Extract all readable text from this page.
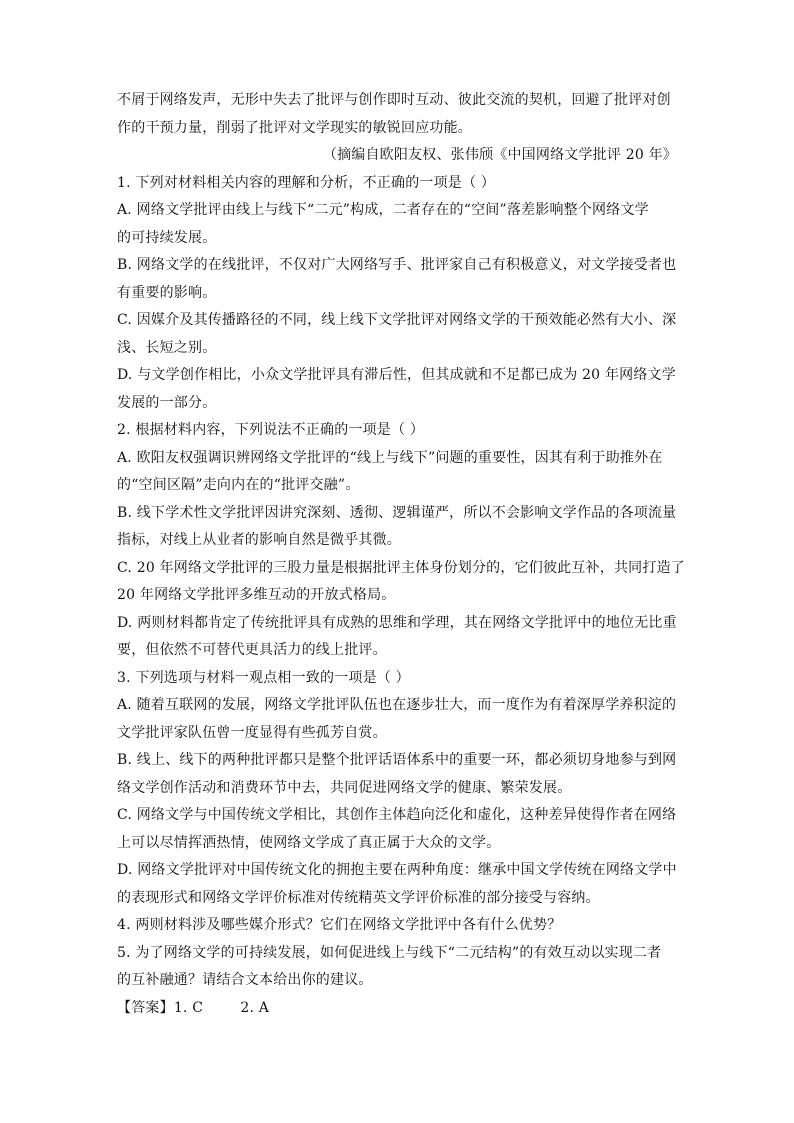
不屑于网络发声，无形中失去了批评与创作即时互动、彼此交流的契机，回避了批评对创
作的干预力量，削弱了批评对文学现实的敏锐回应功能。
（摘编自欧阳友权、张伟颀《中国网络文学批评 20 年》
1. 下列对材料相关内容的理解和分析，不正确的一项是（ ）
A. 网络文学批评由线上与线下“二元”构成，二者存在的“空间”落差影响整个网络文学
的可持续发展。
B. 网络文学的在线批评，不仅对广大网络写手、批评家自己有积极意义，对文学接受者也
有重要的影响。
C. 因媒介及其传播路径的不同，线上线下文学批评对网络文学的干预效能必然有大小、深
浅、长短之别。
D. 与文学创作相比，小众文学批评具有滞后性，但其成就和不足都已成为 20 年网络文学
发展的一部分。
2. 根据材料内容，下列说法不正确的一项是（ ）
A. 欧阳友权强调识辨网络文学批评的“线上与线下”问题的重要性，因其有利于助推外在
的“空间区隔”走向内在的“批评交融”。
B. 线下学术性文学批评因讲究深刻、透彻、逻辑谨严，所以不会影响文学作品的各项流量
指标，对线上从业者的影响自然是微乎其微。
C. 20 年网络文学批评的三股力量是根据批评主体身份划分的，它们彼此互补，共同打造了
20 年网络文学批评多维互动的开放式格局。
D. 两则材料都肯定了传统批评具有成熟的思维和学理，其在网络文学批评中的地位无比重
要，但依然不可替代更具活力的线上批评。
3. 下列选项与材料一观点相一致的一项是（ ）
A. 随着互联网的发展，网络文学批评队伍也在逐步壮大，而一度作为有着深厚学养积淀的
文学批评家队伍曾一度显得有些孤芳自赏。
B. 线上、线下的两种批评都只是整个批评话语体系中的重要一环，都必须切身地参与到网
络文学创作活动和消费环节中去，共同促进网络文学的健康、繁荣发展。
C. 网络文学与中国传统文学相比，其创作主体趋向泛化和虚化，这种差异使得作者在网络
上可以尽情挥洒热情，使网络文学成了真正属于大众的文学。
D. 网络文学批评对中国传统文化的拥抱主要在两种角度：继承中国文学传统在网络文学中
的表现形式和网络文学评价标准对传统精英文学评价标准的部分接受与容纳。
4. 两则材料涉及哪些媒介形式？它们在网络文学批评中各有什么优势？
5. 为了网络文学的可持续发展，如何促进线上与线下“二元结构”的有效互动以实现二者
的互补融通？请结合文本给出你的建议。
【答案】1. C        2. A
